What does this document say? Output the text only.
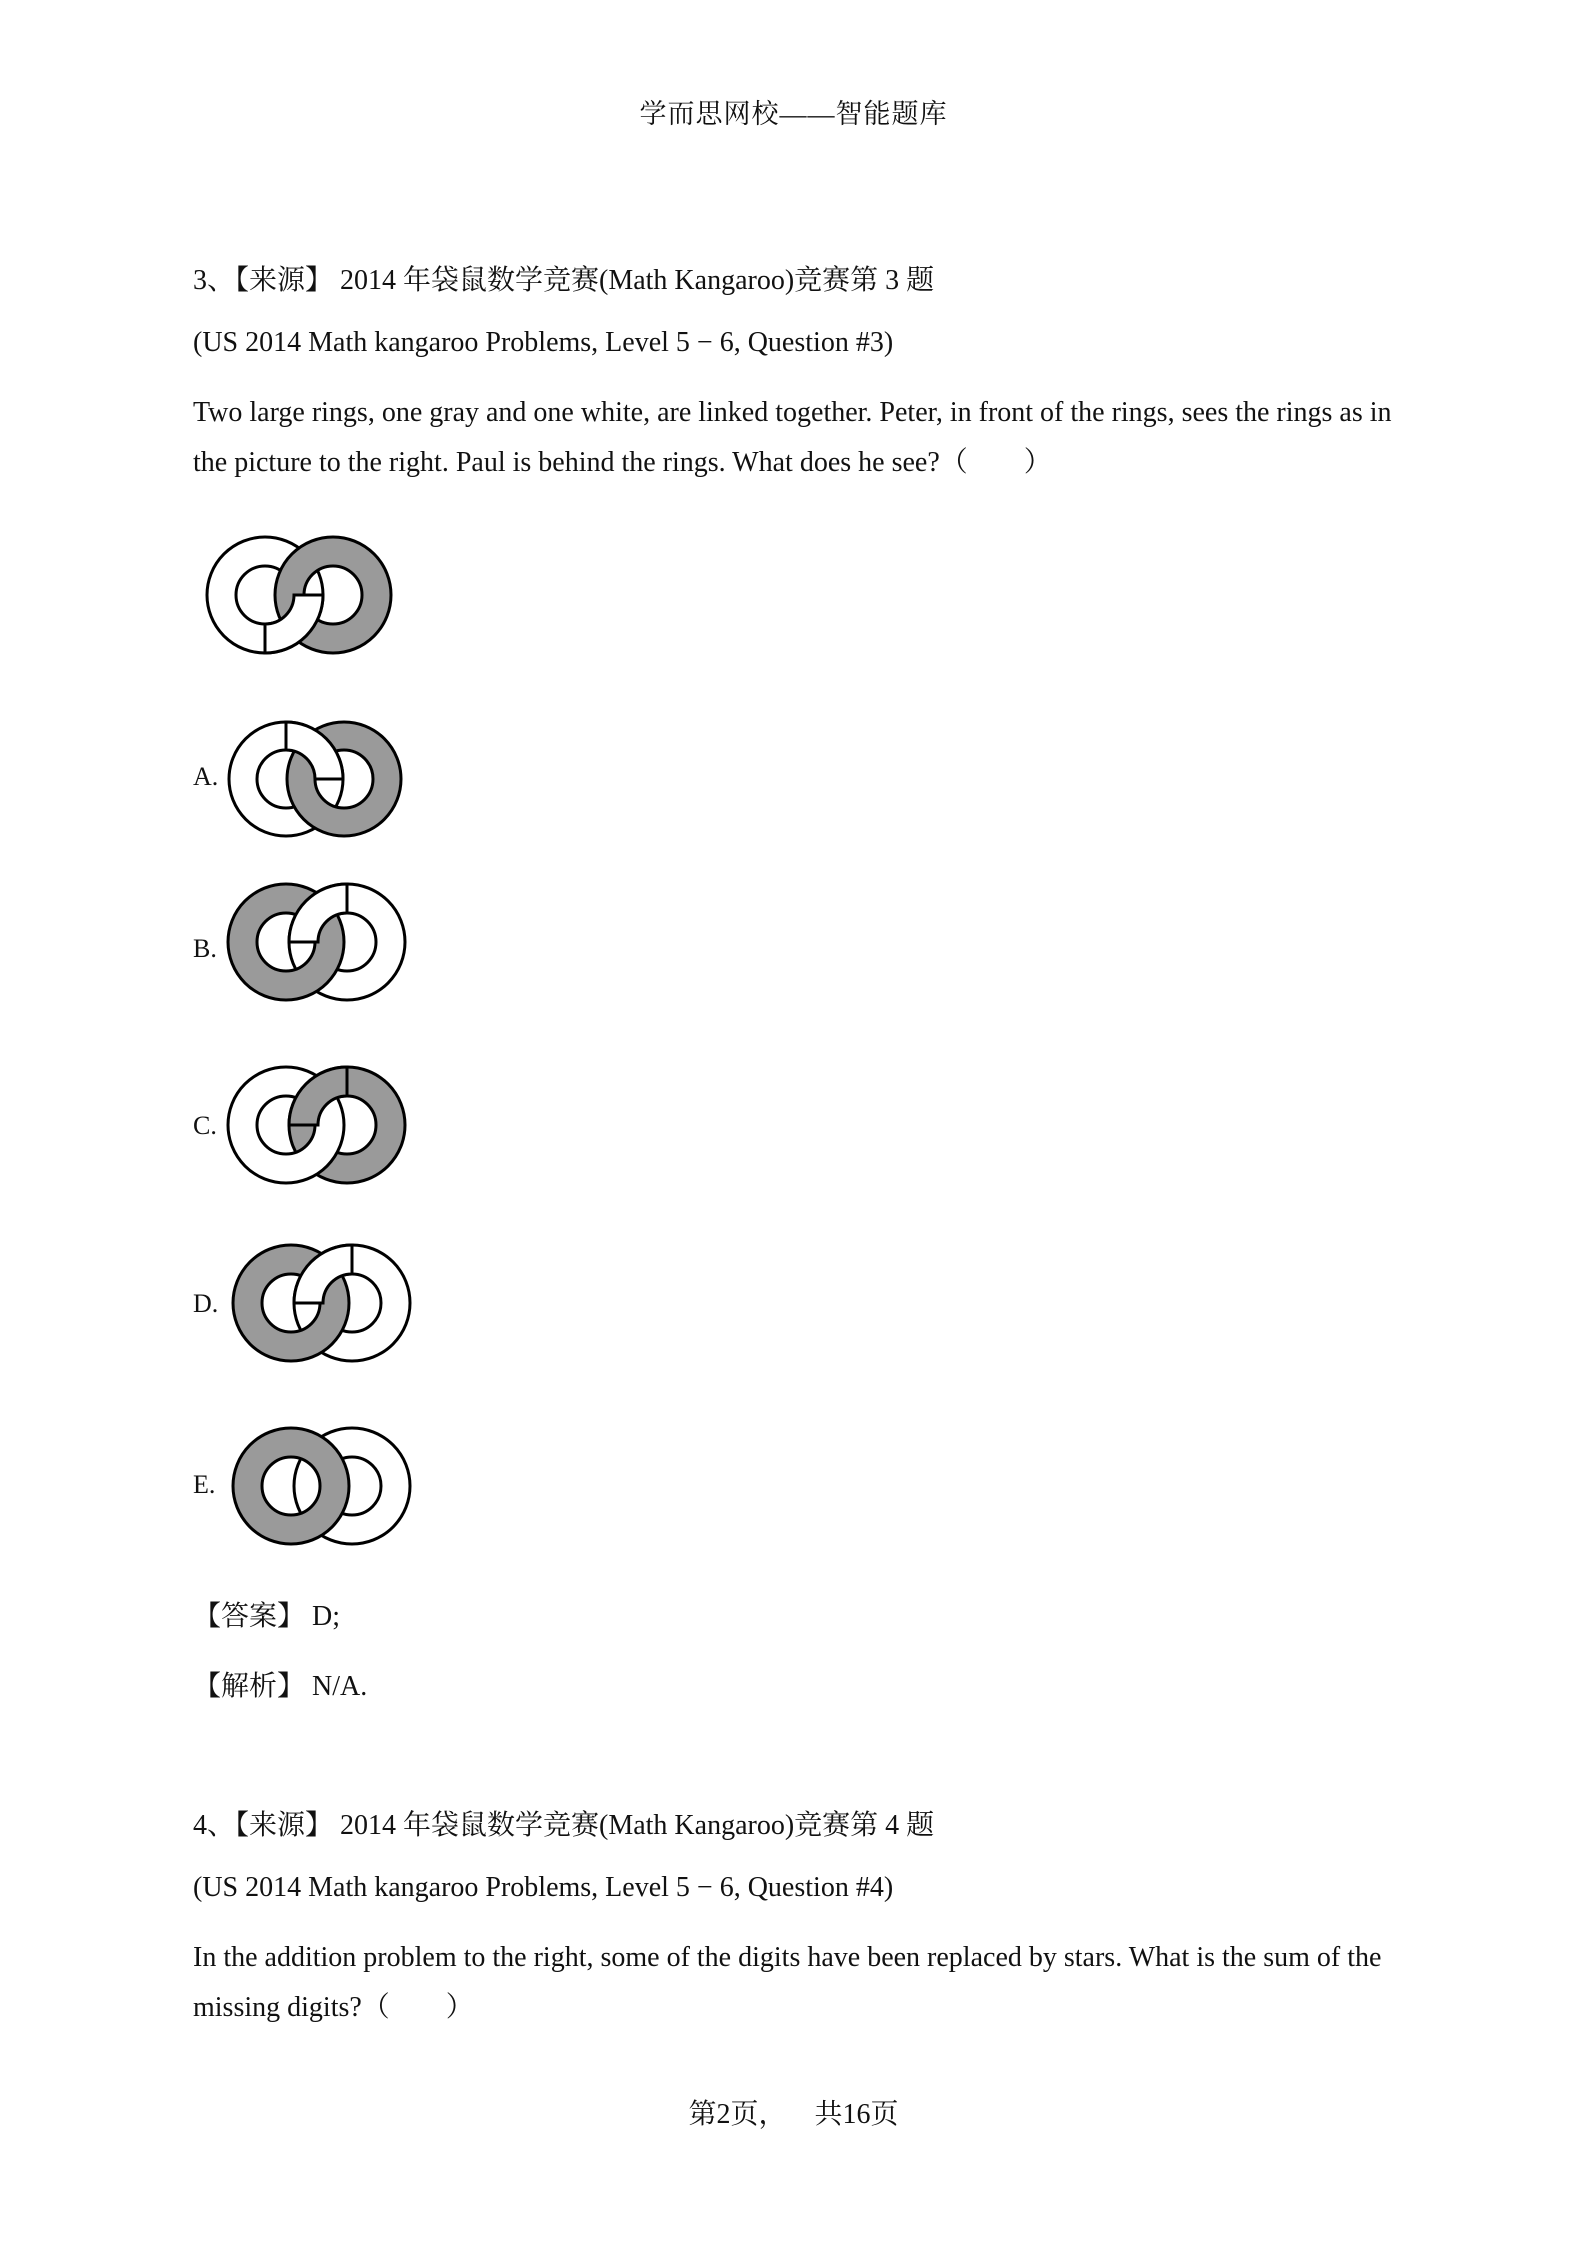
学而思网校——智能题库
3、【来源】 2014 年袋鼠数学竞赛(Math Kangaroo)竞赛第 3 题
(US 2014 Math kangaroo Problems, Level 5 − 6, Question #3)
Two large rings, one gray and one white, are linked together. Peter, in front of the rings, sees the rings as in the picture to the right. Paul is behind the rings. What does he see?（　　）
A.
B.
C.
D.
E.
【答案】 D;
【解析】 N/A.
4、【来源】 2014 年袋鼠数学竞赛(Math Kangaroo)竞赛第 4 题
(US 2014 Math kangaroo Problems, Level 5 − 6, Question #4)
In the addition problem to the right, some of the digits have been replaced by stars. What is the sum of the missing digits?（　　）
第2页， 共16页
